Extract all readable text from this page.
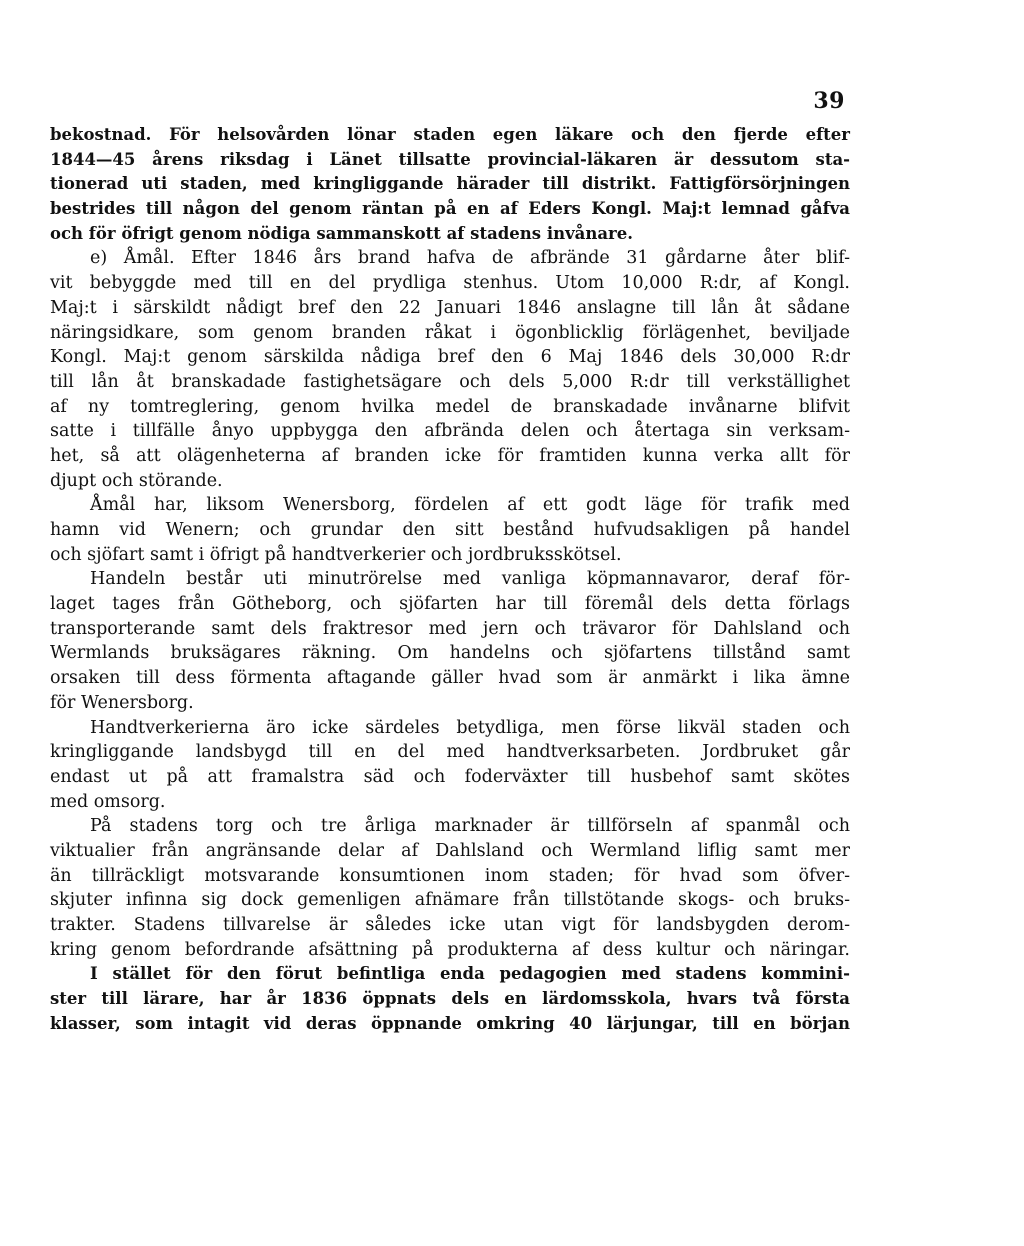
39
bekostnad. För helsovården lönar staden egen läkare och den fjerde efter
1844—45 årens riksdag i Länet tillsatte provincial-läkaren är dessutom sta-
tionerad uti staden, med kringliggande härader till distrikt. Fattigförsörjningen
bestrides till någon del genom räntan på en af Eders Kongl. Maj:t lemnad gåfva
och för öfrigt genom nödiga sammanskott af stadens invånare.
e) Åmål. Efter 1846 års brand hafva de afbrände 31 gårdarne åter blif-
vit bebyggde med till en del prydliga stenhus. Utom 10,000 R:dr, af Kongl.
Maj:t i särskildt nådigt bref den 22 Januari 1846 anslagne till lån åt sådane
näringsidkare, som genom branden råkat i ögonblicklig förlägenhet, beviljade
Kongl. Maj:t genom särskilda nådiga bref den 6 Maj 1846 dels 30,000 R:dr
till lån åt branskadade fastighetsägare och dels 5,000 R:dr till verkställighet
af ny tomtreglering, genom hvilka medel de branskadade invånarne blifvit
satte i tillfälle ånyo uppbygga den afbrända delen och återtaga sin verksam-
het, så att olägenheterna af branden icke för framtiden kunna verka allt för
djupt och störande.
Åmål har, liksom Wenersborg, fördelen af ett godt läge för trafik med
hamn vid Wenern; och grundar den sitt bestånd hufvudsakligen på handel
och sjöfart samt i öfrigt på handtverkerier och jordbruksskötsel.
Handeln består uti minutrörelse med vanliga köpmannavaror, deraf för-
laget tages från Götheborg, och sjöfarten har till föremål dels detta förlags
transporterande samt dels fraktresor med jern och trävaror för Dahlsland och
Wermlands bruksägares räkning. Om handelns och sjöfartens tillstånd samt
orsaken till dess förmenta aftagande gäller hvad som är anmärkt i lika ämne
för Wenersborg.
Handtverkerierna äro icke särdeles betydliga, men förse likväl staden och
kringliggande landsbygd till en del med handtverksarbeten. Jordbruket går
endast ut på att framalstra säd och foderväxter till husbehof samt skötes
med omsorg.
På stadens torg och tre årliga marknader är tillförseln af spanmål och
viktualier från angränsande delar af Dahlsland och Wermland liflig samt mer
än tillräckligt motsvarande konsumtionen inom staden; för hvad som öfver-
skjuter infinna sig dock gemenligen afnämare från tillstötande skogs- och bruks-
trakter. Stadens tillvarelse är således icke utan vigt för landsbygden derom-
kring genom befordrande afsättning på produkterna af dess kultur och näringar.
I stället för den förut befintliga enda pedagogien med stadens kommini-
ster till lärare, har år 1836 öppnats dels en lärdomsskola, hvars två första
klasser, som intagit vid deras öppnande omkring 40 lärjungar, till en början
